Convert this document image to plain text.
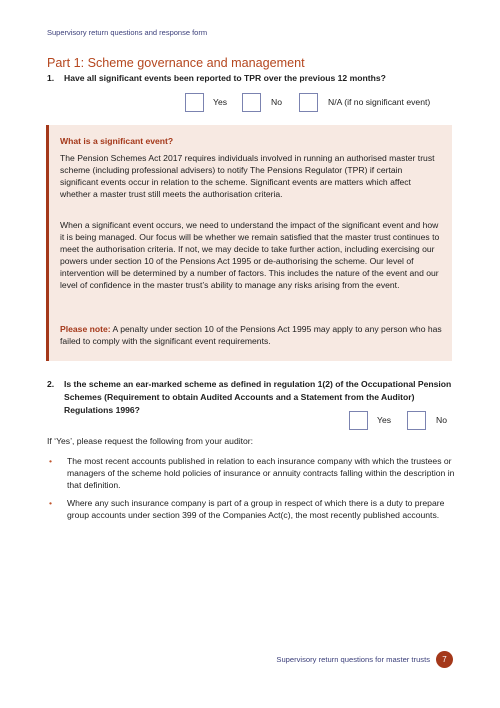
Supervisory return questions and response form
Part 1: Scheme governance and management
1. Have all significant events been reported to TPR over the previous 12 months?
Yes	No	N/A (if no significant event)
What is a significant event?

The Pension Schemes Act 2017 requires individuals involved in running an authorised master trust scheme (including professional advisers) to notify The Pensions Regulator (TPR) if certain significant events occur in relation to the scheme. Significant events are matters which affect whether a master trust still meets the authorisation criteria.

When a significant event occurs, we need to understand the impact of the significant event and how it is being managed. Our focus will be whether we remain satisfied that the master trust continues to meet the authorisation criteria. If not, we may decide to take further action, including exercising our powers under section 10 of the Pensions Act 1995 or de-authorising the scheme. Our level of intervention will be determined by a number of factors. This includes the nature of the event and our level of confidence in the master trust’s ability to manage any risks arising from the event.

Please note: A penalty under section 10 of the Pensions Act 1995 may apply to any person who has failed to comply with the significant event requirements.

2. Is the scheme an ear-marked scheme as defined in regulation 1(2) of the Occupational Pension Schemes (Requirement to obtain Audited Accounts and a Statement from the Auditor) Regulations 1996?
Yes	No

If ‘Yes’, please request the following from your auditor:

• The most recent accounts published in relation to each insurance company with which the trustees or managers of the scheme hold policies of insurance or annuity contracts falling within the description in that definition.
• Where any such insurance company is part of a group in respect of which there is a duty to prepare group accounts under section 399 of the Companies Act(c), the most recently published accounts.
Supervisory return questions for master trusts	7
